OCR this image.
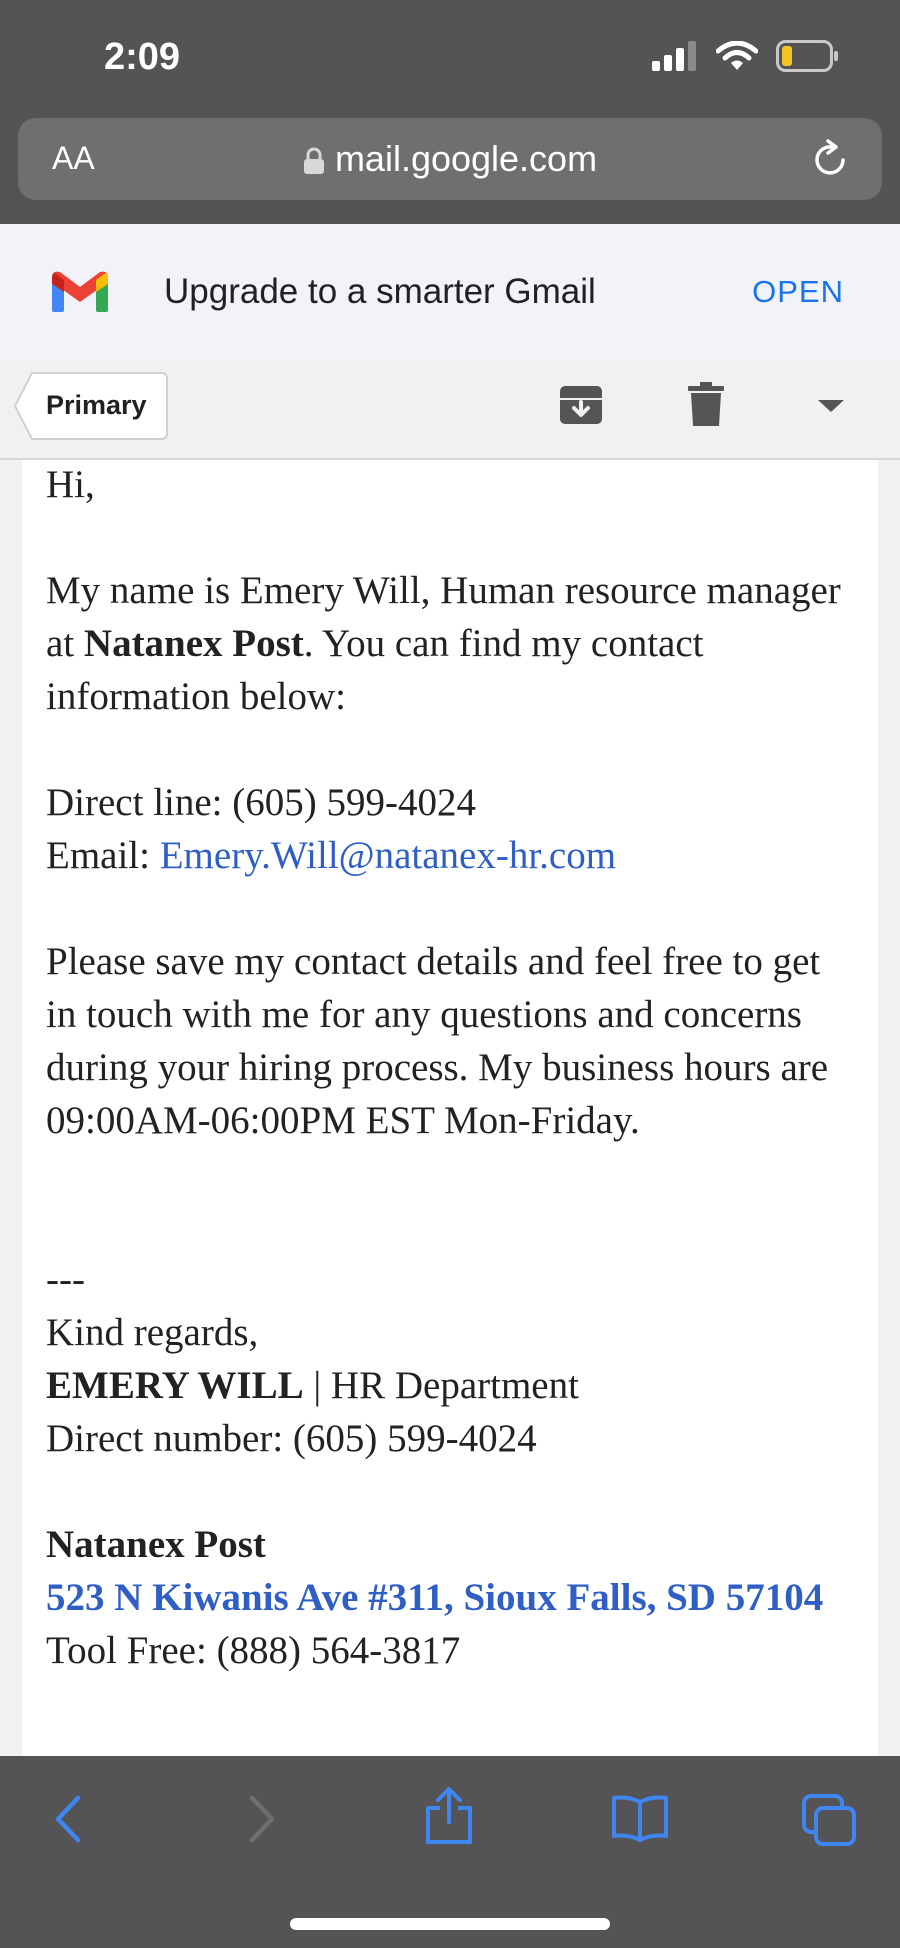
2:09
AA	mail.google.com
Upgrade to a smarter Gmail	OPEN
Primary

Hi,

My name is Emery Will, Human resource manager at Natanex Post. You can find my contact information below:

Direct line: (605) 599-4024

Email: Emery.Will@natanex-hr.com

Please save my contact details and feel free to get in touch with me for any questions and concerns during your hiring process. My business hours are 09:00AM-06:00PM EST Mon-Friday.

---

Kind regards,

EMERY WILL | HR Department

Direct number: (605) 599-4024

Natanex Post

523 N Kiwanis Ave #311, Sioux Falls, SD 57104

Tool Free: (888) 564-3817
